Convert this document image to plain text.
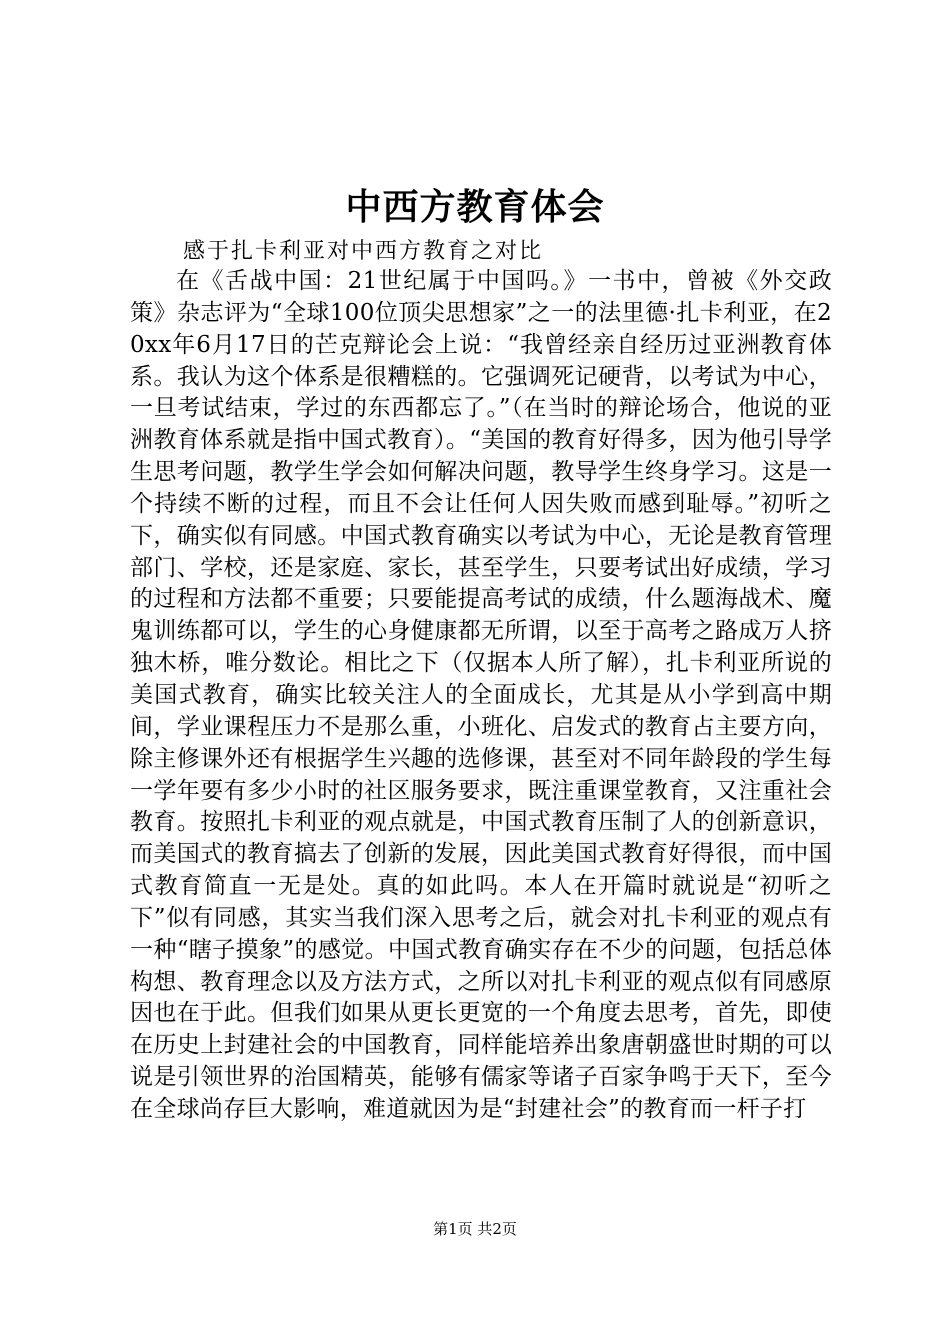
中西方教育体会

感于扎卡利亚对中西方教育之对比

在《舌战中国：21世纪属于中国吗。》一书中，曾被《外交政策》杂志评为“全球100位顶尖思想家”之一的法里德·扎卡利亚，在20xx年6月17日的芒克辩论会上说：“我曾经亲自经历过亚洲教育体系。我认为这个体系是很糟糕的。它强调死记硬背，以考试为中心，一旦考试结束，学过的东西都忘了。”（在当时的辩论场合，他说的亚洲教育体系就是指中国式教育）。“美国的教育好得多，因为他引导学生思考问题，教学生学会如何解决问题，教导学生终身学习。这是一个持续不断的过程，而且不会让任何人因失败而感到耻辱。”初听之下，确实似有同感。中国式教育确实以考试为中心，无论是教育管理部门、学校，还是家庭、家长，甚至学生，只要考试出好成绩，学习的过程和方法都不重要；只要能提高考试的成绩，什么题海战术、魔鬼训练都可以，学生的心身健康都无所谓，以至于高考之路成万人挤独木桥，唯分数论。相比之下（仅据本人所了解），扎卡利亚所说的美国式教育，确实比较关注人的全面成长，尤其是从小学到高中期间，学业课程压力不是那么重，小班化、启发式的教育占主要方向，除主修课外还有根据学生兴趣的选修课，甚至对不同年龄段的学生每一学年要有多少小时的社区服务要求，既注重课堂教育，又注重社会教育。按照扎卡利亚的观点就是，中国式教育压制了人的创新意识，而美国式的教育搞去了创新的发展，因此美国式教育好得很，而中国式教育简直一无是处。真的如此吗。本人在开篇时就说是“初听之下”似有同感，其实当我们深入思考之后，就会对扎卡利亚的观点有一种“瞎子摸象”的感觉。中国式教育确实存在不少的问题，包括总体构想、教育理念以及方法方式，之所以对扎卡利亚的观点似有同感原因也在于此。但我们如果从更长更宽的一个角度去思考，首先，即使在历史上封建社会的中国教育，同样能培养出象唐朝盛世时期的可以说是引领世界的治国精英，能够有儒家等诸子百家争鸣于天下，至今在全球尚存巨大影响，难道就因为是“封建社会”的教育而一杆子打

第1页 共2页
